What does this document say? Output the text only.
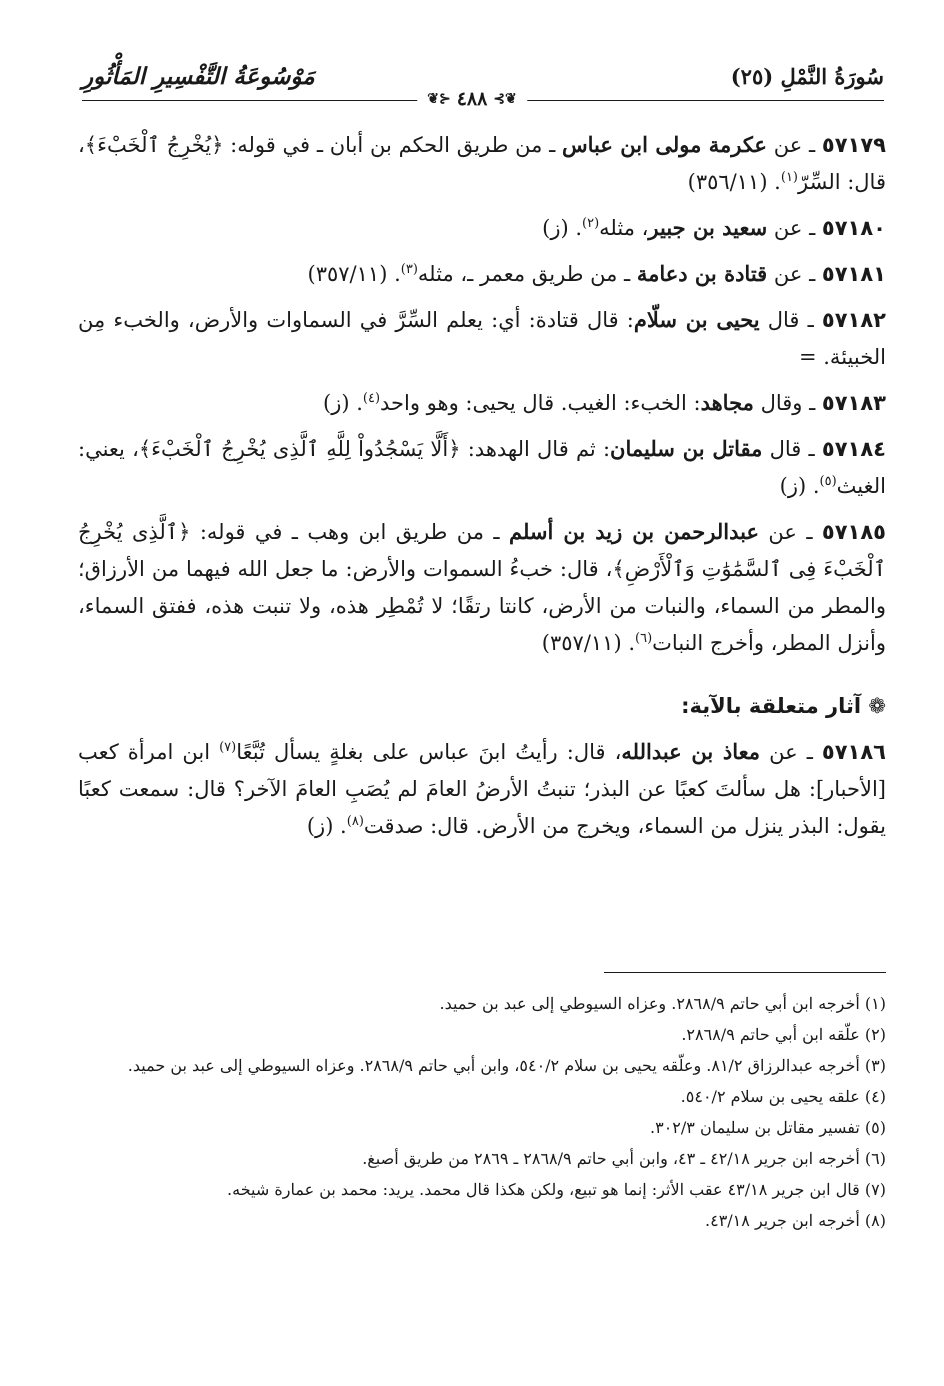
سُورَةُ النَّمْلِ (٢٥)
مَوْسُوعَةُ التَّفْسِيرِ المَأْثُورِ
❦⊱
٤٨٨
⊰❦

٥٧١٧٩ ـ عن عكرمة مولى ابن عباس ـ من طريق الحكم بن أبان ـ في قوله: ﴿يُخْرِجُ ٱلْخَبْءَ﴾، قال: السِّرّ$^{(١)}$. (٣٥٦/١١)

٥٧١٨٠ ـ عن سعيد بن جبير، مثله$^{(٢)}$. (ز)

٥٧١٨١ ـ عن قتادة بن دعامة ـ من طريق معمر ـ، مثله$^{(٣)}$. (٣٥٧/١١)

٥٧١٨٢ ـ قال يحيى بن سلّام: قال قتادة: أي: يعلم السِّرَّ في السماوات والأرض، والخبء مِن الخبيئة. =

٥٧١٨٣ ـ وقال مجاهد: الخبء: الغيب. قال يحيى: وهو واحد$^{(٤)}$. (ز)

٥٧١٨٤ ـ قال مقاتل بن سليمان: ثم قال الهدهد: ﴿أَلَّا يَسْجُدُواْ لِلَّهِ ٱلَّذِى يُخْرِجُ ٱلْخَبْءَ﴾، يعني: الغيث$^{(٥)}$. (ز)

٥٧١٨٥ ـ عن عبدالرحمن بن زيد بن أسلم ـ من طريق ابن وهب ـ في قوله: ﴿ٱلَّذِى يُخْرِجُ ٱلْخَبْءَ فِى ٱلسَّمَٰوَٰتِ وَٱلْأَرْضِ﴾، قال: خبءُ السموات والأرض: ما جعل الله فيهما من الأرزاق؛ والمطر من السماء، والنبات من الأرض، كانتا رتقًا؛ لا تُمْطِر هذه، ولا تنبت هذه، ففتق السماء، وأنزل المطر، وأخرج النبات$^{(٦)}$. (٣٥٧/١١)

❁ آثار متعلقة بالآية:

٥٧١٨٦ ـ عن معاذ بن عبدالله، قال: رأيتُ ابنَ عباس على بغلةٍ يسأل تُبَّعًا$^{(٧)}$ ابن امرأة كعب [الأحبار]: هل سألتَ كعبًا عن البذر؛ تنبتُ الأرضُ العامَ لم يُصَبِ العامَ الآخر؟ قال: سمعت كعبًا يقول: البذر ينزل من السماء، ويخرج من الأرض. قال: صدقت$^{(٨)}$. (ز)

(١) أخرجه ابن أبي حاتم ٢٨٦٨/٩. وعزاه السيوطي إلى عبد بن حميد.

(٢) علّقه ابن أبي حاتم ٢٨٦٨/٩.

(٣) أخرجه عبدالرزاق ٨١/٢. وعلّقه يحيى بن سلام ٥٤٠/٢، وابن أبي حاتم ٢٨٦٨/٩. وعزاه السيوطي إلى عبد بن حميد.

(٤) علقه يحيى بن سلام ٥٤٠/٢.

(٥) تفسير مقاتل بن سليمان ٣٠٢/٣.

(٦) أخرجه ابن جرير ٤٢/١٨ ـ ٤٣، وابن أبي حاتم ٢٨٦٨/٩ ـ ٢٨٦٩ من طريق أصبغ.

(٧) قال ابن جرير ٤٣/١٨ عقب الأثر: إنما هو تبيع، ولكن هكذا قال محمد. يريد: محمد بن عمارة شيخه.

(٨) أخرجه ابن جرير ٤٣/١٨.
